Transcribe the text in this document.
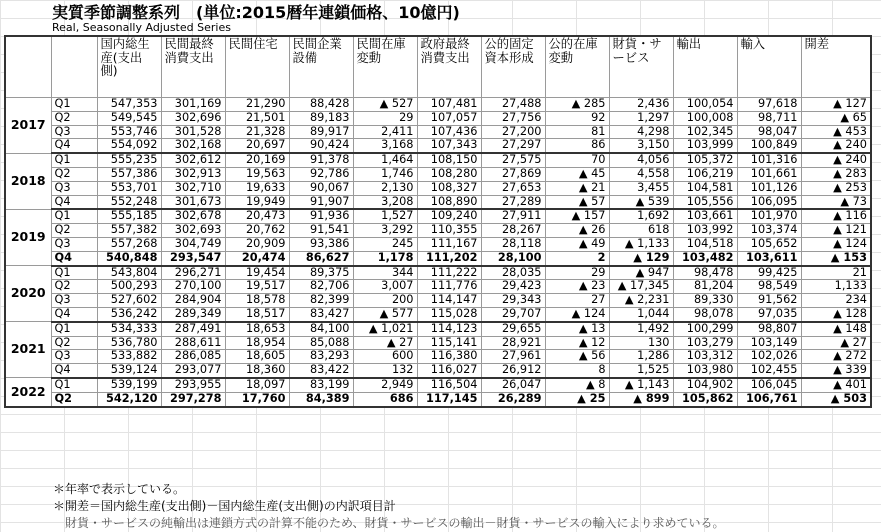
実質季節調整系列　(単位:2015暦年連鎖価格、10億円)
Real, Seasonally Adjusted Series
		国内総生産(支出側)	民間最終消費支出	民間住宅	民間企業設備	民間在庫変動	政府最終消費支出	公的固定資本形成	公的在庫変動	財貨・サービス	輸出	輸入	開差
2017	Q1	547,353	301,169	21,290	88,428	▲ 527	107,481	27,488	▲ 285	2,436	100,054	97,618	▲ 127
	Q2	549,545	302,696	21,501	89,183	29	107,057	27,756	92	1,297	100,008	98,711	▲ 65
	Q3	553,746	301,528	21,328	89,917	2,411	107,436	27,200	81	4,298	102,345	98,047	▲ 453
	Q4	554,092	302,168	20,697	90,424	3,168	107,343	27,297	86	3,150	103,999	100,849	▲ 240
2018	Q1	555,235	302,612	20,169	91,378	1,464	108,150	27,575	70	4,056	105,372	101,316	▲ 240
	Q2	557,386	302,913	19,563	92,786	1,746	108,280	27,869	▲ 45	4,558	106,219	101,661	▲ 283
	Q3	553,701	302,710	19,633	90,067	2,130	108,327	27,653	▲ 21	3,455	104,581	101,126	▲ 253
	Q4	552,248	301,673	19,949	91,907	3,208	108,890	27,289	▲ 57	▲ 539	105,556	106,095	▲ 73
2019	Q1	555,185	302,678	20,473	91,936	1,527	109,240	27,911	▲ 157	1,692	103,661	101,970	▲ 116
	Q2	557,382	302,693	20,762	91,541	3,292	110,355	28,267	▲ 26	618	103,992	103,374	▲ 121
	Q3	557,268	304,749	20,909	93,386	245	111,167	28,118	▲ 49	▲ 1,133	104,518	105,652	▲ 124
	Q4	540,848	293,547	20,474	86,627	1,178	111,202	28,100	2	▲ 129	103,482	103,611	▲ 153
2020	Q1	543,804	296,271	19,454	89,375	344	111,222	28,035	29	▲ 947	98,478	99,425	21
	Q2	500,293	270,100	19,517	82,706	3,007	111,776	29,423	▲ 23	▲ 17,345	81,204	98,549	1,133
	Q3	527,602	284,904	18,578	82,399	200	114,147	29,343	27	▲ 2,231	89,330	91,562	234
	Q4	536,242	289,349	18,517	83,427	▲ 577	115,028	29,707	▲ 124	1,044	98,078	97,035	▲ 128
2021	Q1	534,333	287,491	18,653	84,100	▲ 1,021	114,123	29,655	▲ 13	1,492	100,299	98,807	▲ 148
	Q2	536,780	288,611	18,954	85,088	▲ 27	115,141	28,921	▲ 12	130	103,279	103,149	▲ 27
	Q3	533,882	286,085	18,605	83,293	600	116,380	27,961	▲ 56	1,286	103,312	102,026	▲ 272
	Q4	539,124	293,077	18,360	83,422	132	116,027	26,912	8	1,525	103,980	102,455	▲ 339
2022	Q1	539,199	293,955	18,097	83,199	2,949	116,504	26,047	▲ 8	▲ 1,143	104,902	106,045	▲ 401
	Q2	542,120	297,278	17,760	84,389	686	117,145	26,289	▲ 25	▲ 899	105,862	106,761	▲ 503
＊年率で表示している。
＊開差＝国内総生産(支出側)－国内総生産(支出側)の内訳項目計
　財貨・サービスの純輸出は連鎖方式の計算不能のため、財貨・サービスの輸出－財貨・サービスの輸入により求めている。
